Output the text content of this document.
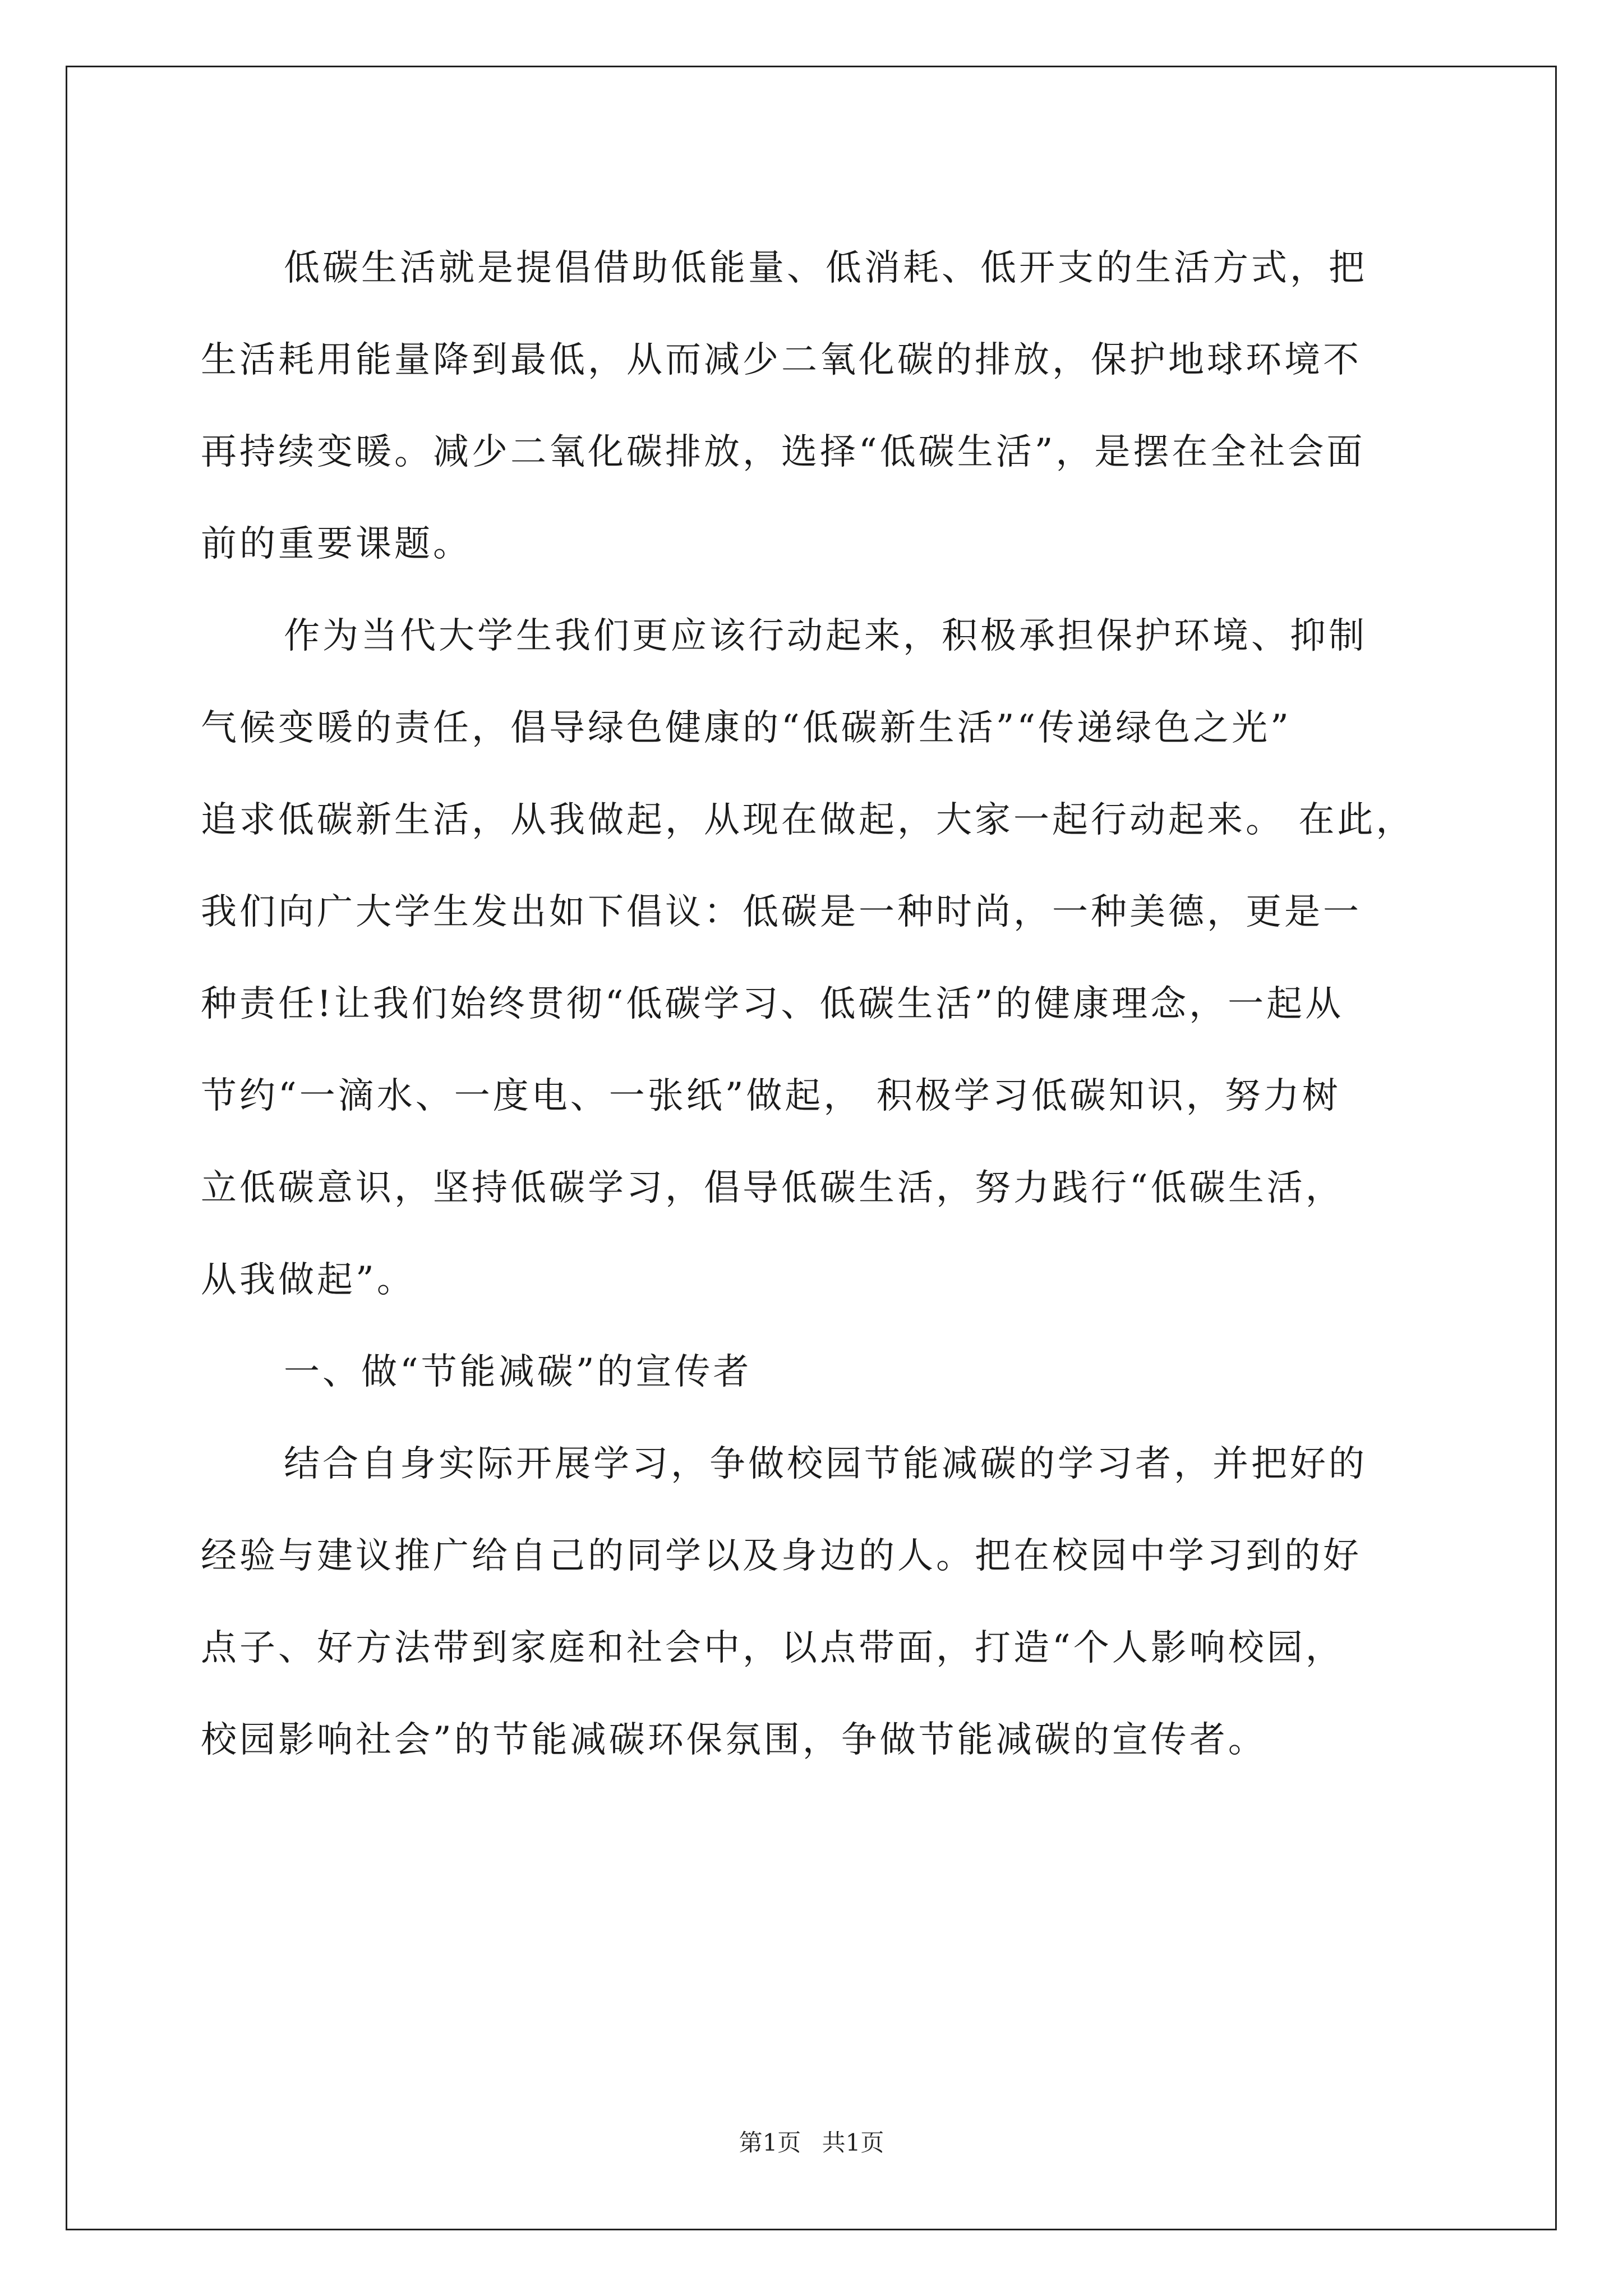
低碳生活就是提倡借助低能量、低消耗、低开支的生活方式，把
生活耗用能量降到最低，从而减少二氧化碳的排放，保护地球环境不
再持续变暖。减少二氧化碳排放，选择“低碳生活”，是摆在全社会面
前的重要课题。
作为当代大学生我们更应该行动起来，积极承担保护环境、抑制
气候变暖的责任，倡导绿色健康的“低碳新生活”“传递绿色之光”
追求低碳新生活，从我做起，从现在做起，大家一起行动起来。 在此，
我们向广大学生发出如下倡议：低碳是一种时尚，一种美德，更是一
种责任!让我们始终贯彻“低碳学习、低碳生活”的健康理念，一起从
节约“一滴水、一度电、一张纸”做起， 积极学习低碳知识，努力树
立低碳意识，坚持低碳学习，倡导低碳生活，努力践行“低碳生活，
从我做起”。
一、做“节能减碳”的宣传者
结合自身实际开展学习，争做校园节能减碳的学习者，并把好的
经验与建议推广给自己的同学以及身边的人。把在校园中学习到的好
点子、好方法带到家庭和社会中，以点带面，打造“个人影响校园，
校园影响社会”的节能减碳环保氛围，争做节能减碳的宣传者。
第1页 共1页
